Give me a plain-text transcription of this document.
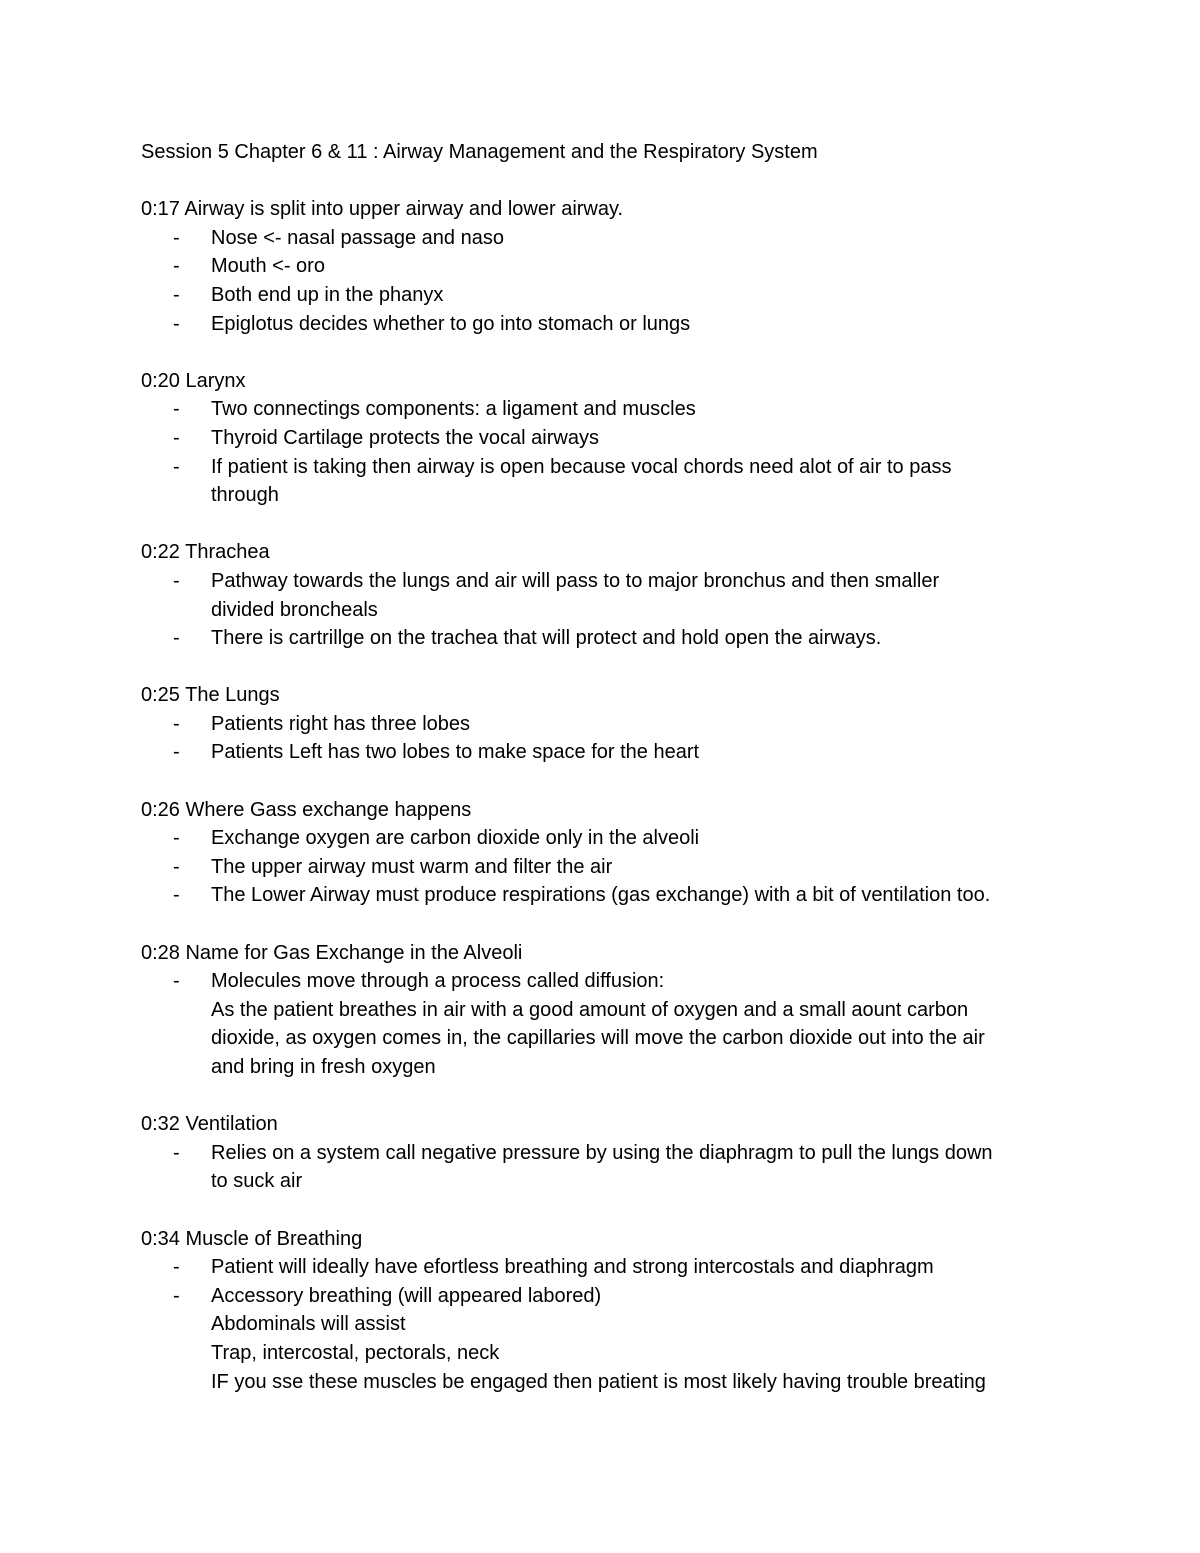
Session 5 Chapter 6 & 11 : Airway Management and the Respiratory System
0:17 Airway is split into upper airway and lower airway.
- Nose <- nasal passage and naso
- Mouth <- oro
- Both end up in the phanyx
- Epiglotus decides whether to go into stomach or lungs
0:20 Larynx
- Two connectings components: a ligament and muscles
- Thyroid Cartilage protects the vocal airways
- If patient is taking then airway is open because vocal chords need alot of air to pass
through
0:22 Thrachea
- Pathway towards the lungs and air will pass to to major bronchus and then smaller
divided broncheals
- There is cartrillge on the trachea that will protect and hold open the airways.
0:25 The Lungs
- Patients right has three lobes
- Patients Left has two lobes to make space for the heart
0:26 Where Gass exchange happens
- Exchange oxygen are carbon dioxide only in the alveoli
- The upper airway must warm and filter the air
- The Lower Airway must produce respirations (gas exchange) with a bit of ventilation too.
0:28 Name for Gas Exchange in the Alveoli
- Molecules move through a process called diffusion:
As the patient breathes in air with a good amount of oxygen and a small aount carbon
dioxide, as oxygen comes in, the capillaries will move the carbon dioxide out into the air
and bring in fresh oxygen
0:32 Ventilation
- Relies on a system call negative pressure by using the diaphragm to pull the lungs down
to suck air
0:34 Muscle of Breathing
- Patient will ideally have efortless breathing and strong intercostals and diaphragm
- Accessory breathing (will appeared labored)
Abdominals will assist
Trap, intercostal, pectorals, neck
IF you sse these muscles be engaged then patient is most likely having trouble breating
